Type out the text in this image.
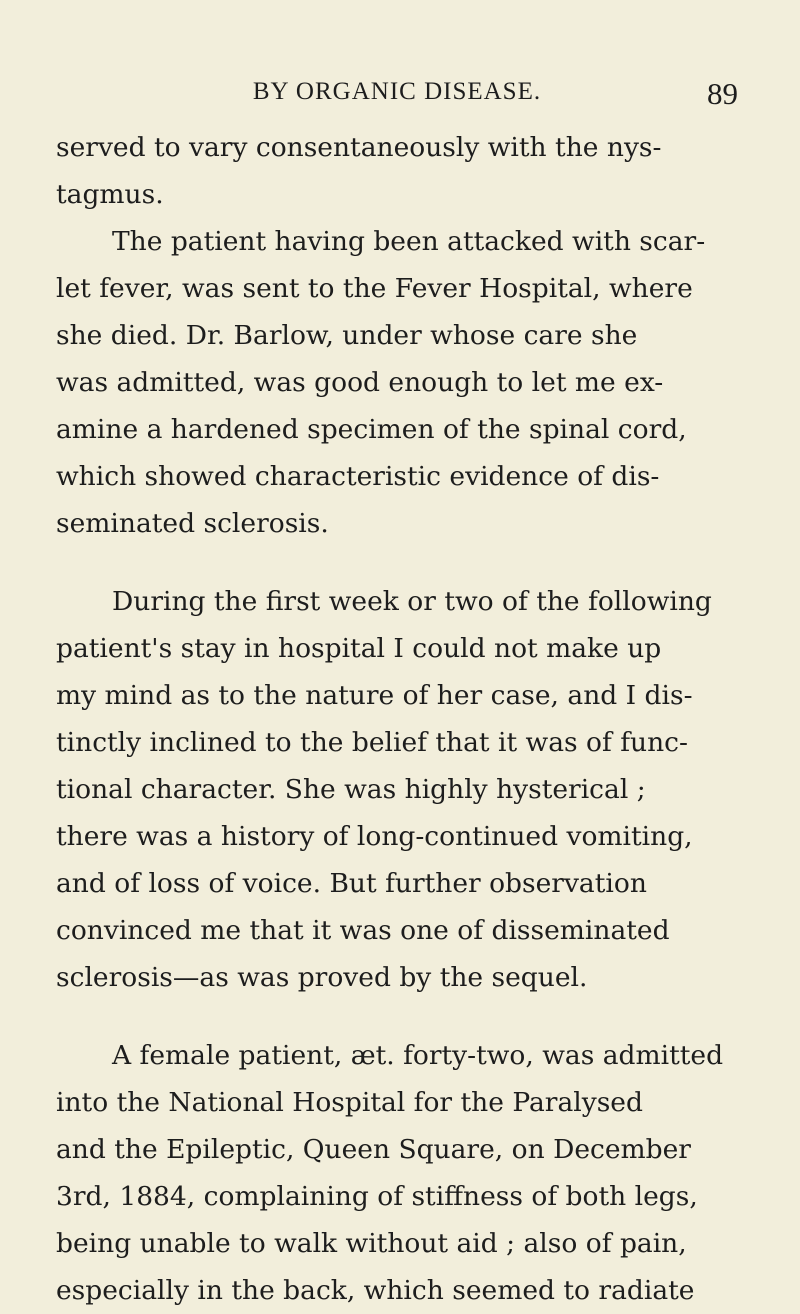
BY ORGANIC DISEASE.	89
served to vary consentaneously with the nys-
tagmus.
The patient having been attacked with scar-
let fever, was sent to the Fever Hospital, where
she died. Dr. Barlow, under whose care she
was admitted, was good enough to let me ex-
amine a hardened specimen of the spinal cord,
which showed characteristic evidence of dis-
seminated sclerosis.
During the first week or two of the following
patient's stay in hospital I could not make up
my mind as to the nature of her case, and I dis-
tinctly inclined to the belief that it was of func-
tional character. She was highly hysterical ;
there was a history of long-continued vomiting,
and of loss of voice. But further observation
convinced me that it was one of disseminated
sclerosis—as was proved by the sequel.
A female patient, æt. forty-two, was admitted
into the National Hospital for the Paralysed
and the Epileptic, Queen Square, on December
3rd, 1884, complaining of stiffness of both legs,
being unable to walk without aid ; also of pain,
especially in the back, which seemed to radiate
